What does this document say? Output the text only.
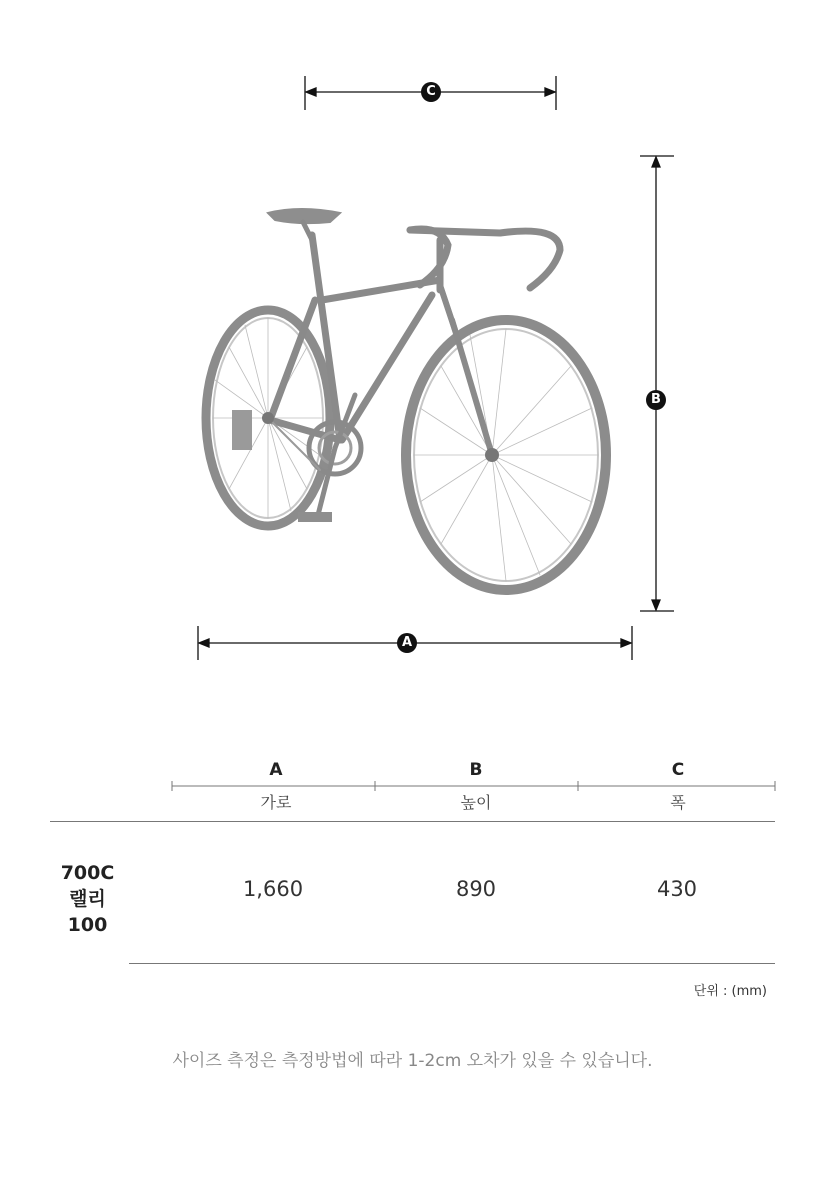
C
B
A
A
가로
B
높이
C
폭
700C
랠리
100
1,660	890	430
단위 : (mm)
사이즈 측정은 측정방법에 따라 1-2cm 오차가 있을 수 있습니다.
